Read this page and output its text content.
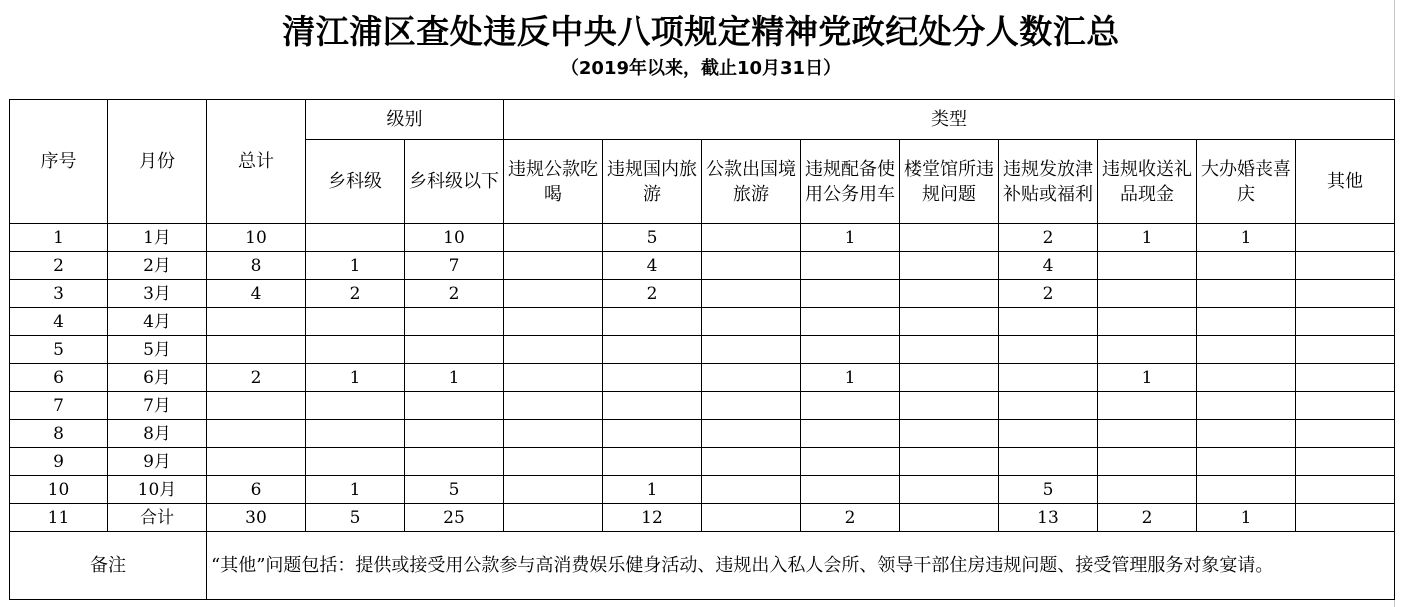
清江浦区查处违反中央八项规定精神党政纪处分人数汇总
（2019年以来，截止10月31日）
序号	月份	总计	级别		类型								
			乡科级	乡科级以下	违规公款吃喝	违规国内旅游	公款出国境旅游	违规配备使用公务用车	楼堂馆所违规问题	违规发放津补贴或福利	违规收送礼品现金	大办婚丧喜庆	其他
1	1月	10		10		5		1		2	1	1	
2	2月	8	1	7		4				4			
3	3月	4	2	2		2				2			
4	4月												
5	5月												
6	6月	2	1	1				1			1		
7	7月												
8	8月												
9	9月												
10	10月	6	1	5		1				5			
11	合计	30	5	25		12		2		13	2	1	
备注		“其他”问题包括：提供或接受用公款参与高消费娱乐健身活动、违规出入私人会所、领导干部住房违规问题、接受管理服务对象宴请。											
